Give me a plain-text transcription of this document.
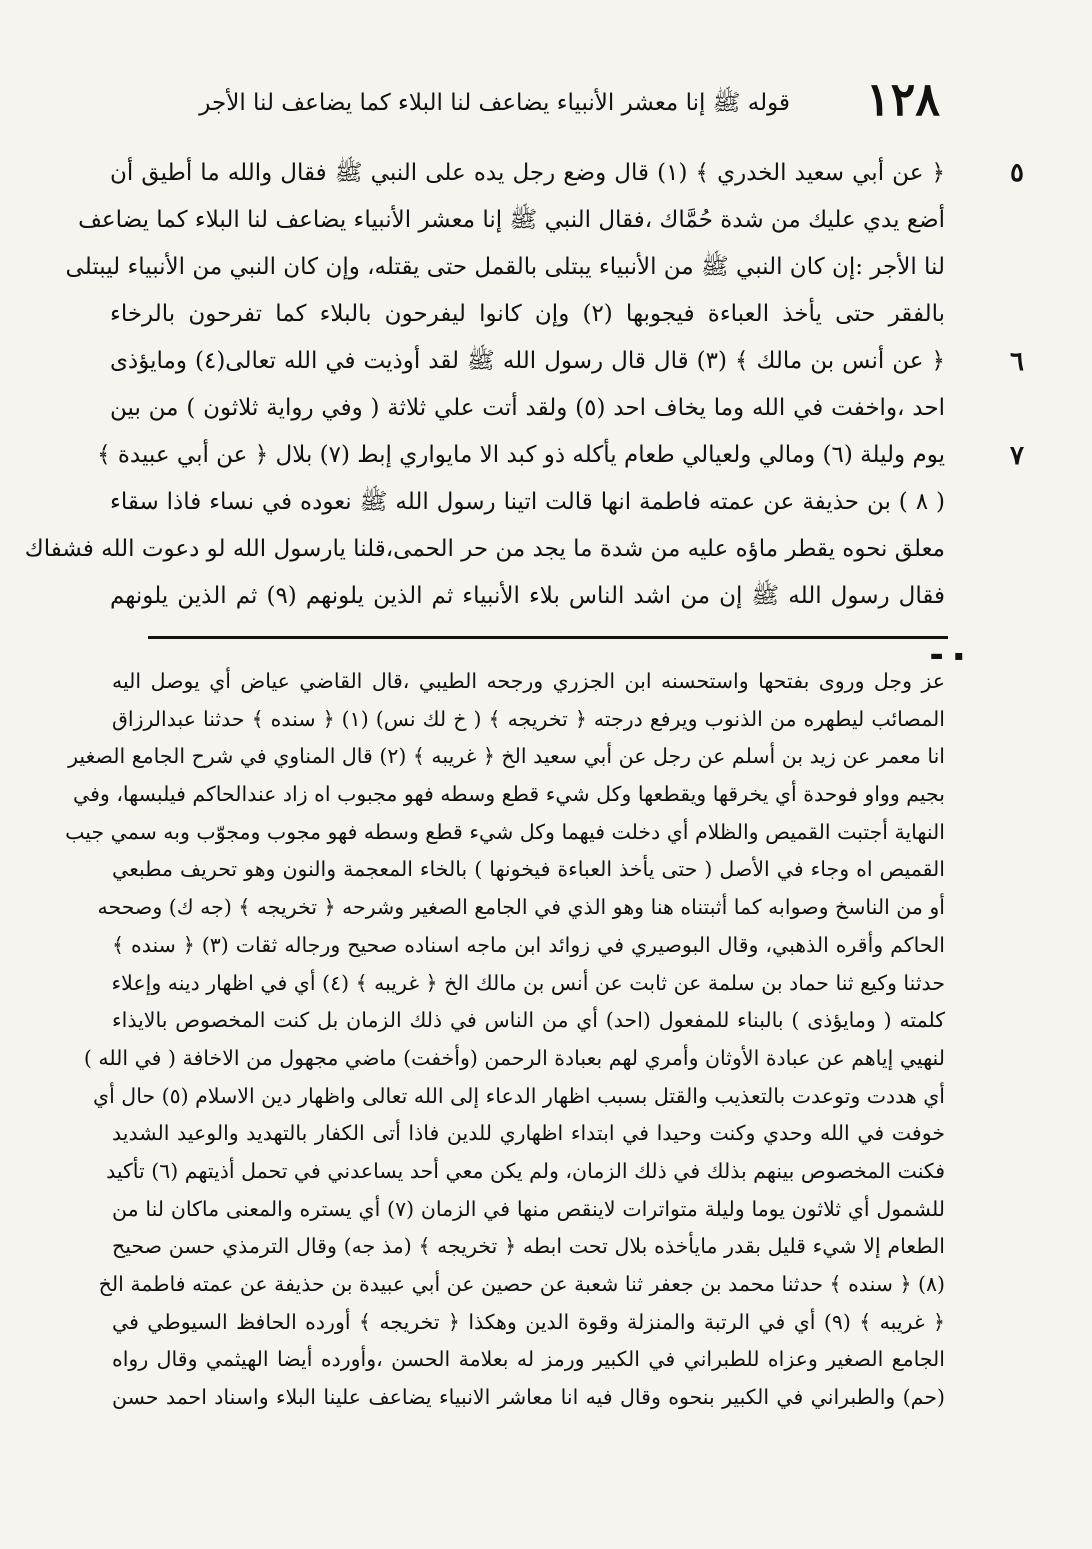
قوله ﷺ إنا معشر الأنبياء يضاعف لنا البلاء كما يضاعف لنا الأجر ١٢٨
٥
٦
٧
﴿ عن أبي سعيد الخدري ﴾ (١) قال وضع رجل يده على النبي ﷺ فقال والله ما أطيق أن
أضع يدي عليك من شدة حُمَّاك ،فقال النبي ﷺ إنا معشر الأنبياء يضاعف لنا البلاء كما يضاعف
لنا الأجر :إن كان النبي ﷺ من الأنبياء يبتلى بالقمل حتى يقتله، وإن كان النبي من الأنبياء ليبتلى
بالفقر حتى يأخذ العباءة فيجوبها (٢) وإن كانوا ليفرحون بالبلاء كما تفرحون بالرخاء
﴿ عن أنس بن مالك ﴾ (٣) قال قال رسول الله ﷺ لقد أوذيت في الله تعالى(٤) ومايؤذى
احد ،واخفت في الله وما يخاف احد (٥) ولقد أتت علي ثلاثة ( وفي رواية ثلاثون ) من بين
يوم وليلة (٦) ومالي ولعيالي طعام يأكله ذو كبد الا مايواري إبط (٧) بلال ﴿ عن أبي عبيدة ﴾
( ٨ ) بن حذيفة عن عمته فاطمة انها قالت اتينا رسول الله ﷺ نعوده في نساء فاذا سقاء
معلق نحوه يقطر ماؤه عليه من شدة ما يجد من حر الحمى،قلنا يارسول الله لو دعوت الله فشفاك
فقال رسول الله ﷺ إن من اشد الناس بلاء الأنبياء ثم الذين يلونهم (٩) ثم الذين يلونهم
▬ ▪
عز وجل وروى بفتحها واستحسنه ابن الجزري ورجحه الطيبي ،قال القاضي عياض أي يوصل اليه
المصائب ليطهره من الذنوب ويرفع درجته ﴿ تخريجه ﴾ ( خ لك نس) (١) ﴿ سنده ﴾ حدثنا عبدالرزاق
انا معمر عن زيد بن أسلم عن رجل عن أبي سعيد الخ ﴿ غريبه ﴾ (٢) قال المناوي في شرح الجامع الصغير
بجيم وواو فوحدة أي يخرقها ويقطعها وكل شيء قطع وسطه فهو مجبوب اه زاد عندالحاكم فيلبسها، وفي
النهاية أجتبت القميص والظلام أي دخلت فيهما وكل شيء قطع وسطه فهو مجوب ومجوّب وبه سمي جيب
القميص اه وجاء في الأصل ( حتى يأخذ العباءة فيخونها ) بالخاء المعجمة والنون وهو تحريف مطبعي
أو من الناسخ وصوابه كما أثبتناه هنا وهو الذي في الجامع الصغير وشرحه ﴿ تخريجه ﴾ (جه ك) وصححه
الحاكم وأقره الذهبي، وقال البوصيري في زوائد ابن ماجه اسناده صحيح ورجاله ثقات (٣) ﴿ سنده ﴾
حدثنا وكيع ثنا حماد بن سلمة عن ثابت عن أنس بن مالك الخ ﴿ غريبه ﴾ (٤) أي في اظهار دينه وإعلاء
كلمته ( ومايؤذى ) بالبناء للمفعول (احد) أي من الناس في ذلك الزمان بل كنت المخصوص بالايذاء
لنهيي إياهم عن عبادة الأوثان وأمري لهم بعبادة الرحمن (وأخفت) ماضي مجهول من الاخافة ( في الله )
أي هددت وتوعدت بالتعذيب والقتل بسبب اظهار الدعاء إلى الله تعالى واظهار دين الاسلام (٥) حال أي
خوفت في الله وحدي وكنت وحيدا في ابتداء اظهاري للدين فاذا أتى الكفار بالتهديد والوعيد الشديد
فكنت المخصوص بينهم بذلك في ذلك الزمان، ولم يكن معي أحد يساعدني في تحمل أذيتهم (٦) تأكيد
للشمول أي ثلاثون يوما وليلة متواترات لاينقص منها في الزمان (٧) أي يستره والمعنى ماكان لنا من
الطعام إلا شيء قليل بقدر مايأخذه بلال تحت ابطه ﴿ تخريجه ﴾ (مذ جه) وقال الترمذي حسن صحيح
(٨) ﴿ سنده ﴾ حدثنا محمد بن جعفر ثنا شعبة عن حصين عن أبي عبيدة بن حذيفة عن عمته فاطمة الخ
﴿ غريبه ﴾ (٩) أي في الرتبة والمنزلة وقوة الدين وهكذا ﴿ تخريجه ﴾ أورده الحافظ السيوطي في
الجامع الصغير وعزاه للطبراني في الكبير ورمز له بعلامة الحسن ،وأورده أيضا الهيثمي وقال رواه
(حم) والطبراني في الكبير بنحوه وقال فيه انا معاشر الانبياء يضاعف علينا البلاء واسناد احمد حسن
